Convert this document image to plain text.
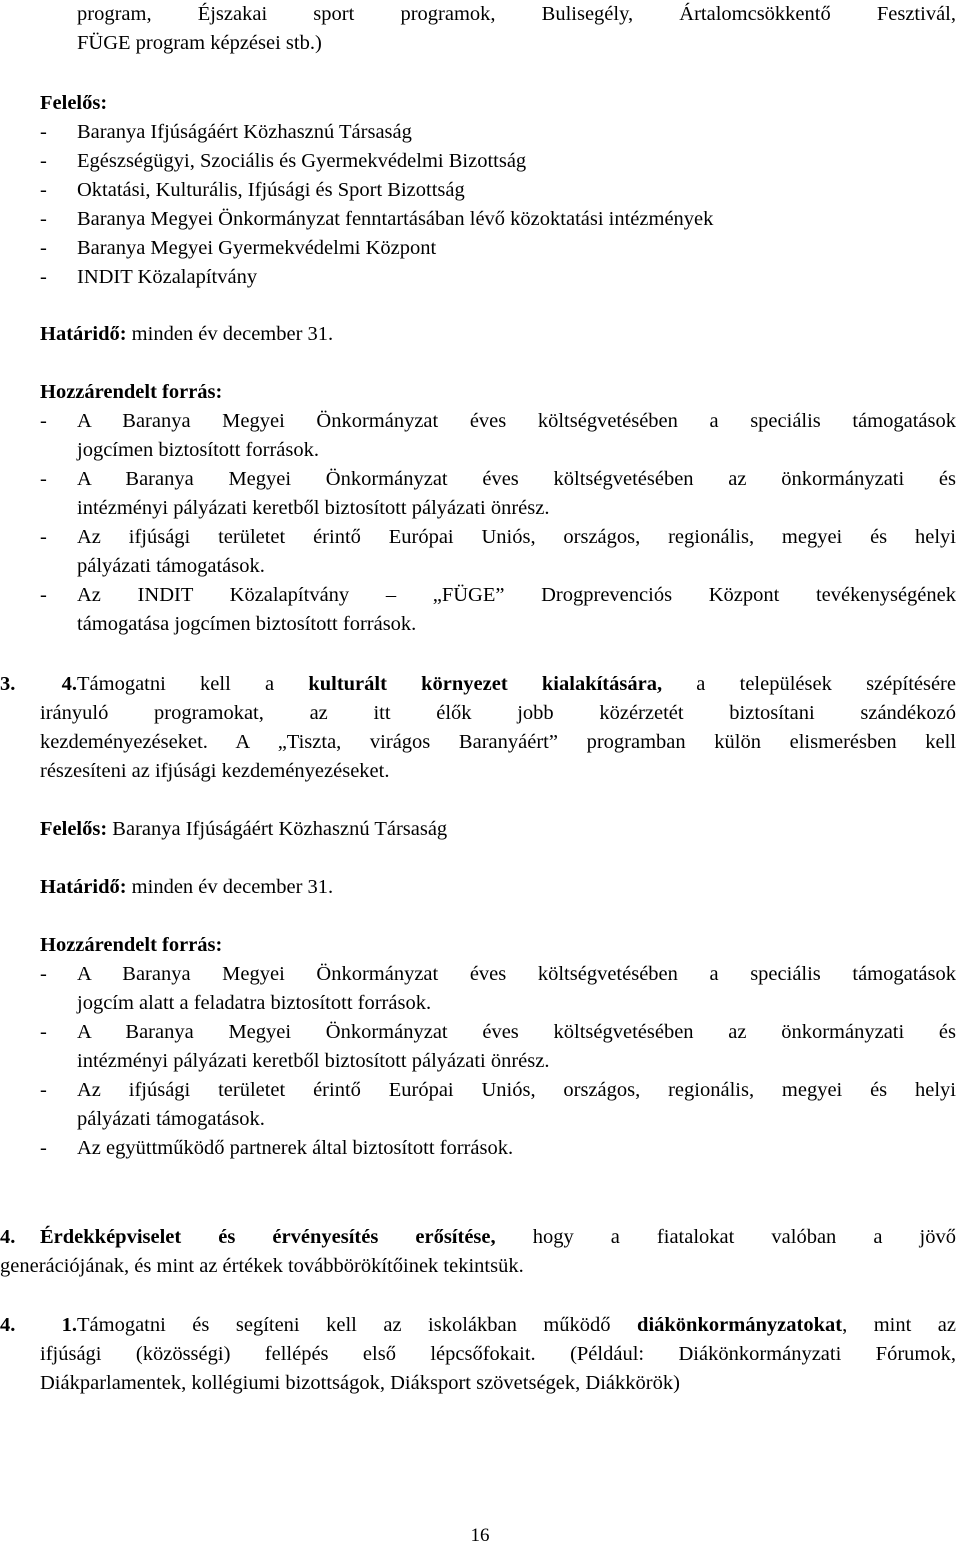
program, Éjszakai sport programok, Bulisegély, Ártalomcsökkentő Fesztivál,
FÜGE program képzései stb.)
Felelős:
- Baranya Ifjúságáért Közhasznú Társaság
- Egészségügyi, Szociális és Gyermekvédelmi Bizottság
- Oktatási, Kulturális, Ifjúsági és Sport Bizottság
- Baranya Megyei Önkormányzat fenntartásában lévő közoktatási intézmények
- Baranya Megyei Gyermekvédelmi Központ
- INDIT Közalapítvány
Határidő: minden év december 31.
Hozzárendelt forrás:
- A Baranya Megyei Önkormányzat éves költségvetésében a speciális támogatások
jogcímen biztosított források.
- A Baranya Megyei Önkormányzat éves költségvetésében az önkormányzati és
intézményi pályázati keretből biztosított pályázati önrész.
- Az ifjúsági területet érintő Európai Uniós, országos, regionális, megyei és helyi
pályázati támogatások.
- Az INDIT Közalapítvány – „FÜGE” Drogprevenciós Központ tevékenységének
támogatása jogcímen biztosított források.
3. 4.Támogatni kell a kulturált környezet kialakítására, a települések szépítésére
irányuló programokat, az itt élők jobb közérzetét biztosítani szándékozó
kezdeményezéseket. A „Tiszta, virágos Baranyáért” programban külön elismerésben kell
részesíteni az ifjúsági kezdeményezéseket.
Felelős: Baranya Ifjúságáért Közhasznú Társaság
Határidő: minden év december 31.
Hozzárendelt forrás:
- A Baranya Megyei Önkormányzat éves költségvetésében a speciális támogatások
jogcím alatt a feladatra biztosított források.
- A Baranya Megyei Önkormányzat éves költségvetésében az önkormányzati és
intézményi pályázati keretből biztosított pályázati önrész.
- Az ifjúsági területet érintő Európai Uniós, országos, regionális, megyei és helyi
pályázati támogatások.
- Az együttműködő partnerek által biztosított források.
4. Érdekképviselet és érvényesítés erősítése, hogy a fiatalokat valóban a jövő
generációjának, és mint az értékek továbbörökítőinek tekintsük.
4. 1.Támogatni és segíteni kell az iskolákban működő diákönkormányzatokat, mint az
ifjúsági (közösségi) fellépés első lépcsőfokait. (Például: Diákönkormányzati Fórumok,
Diákparlamentek, kollégiumi bizottságok, Diáksport szövetségek, Diákkörök)
16
